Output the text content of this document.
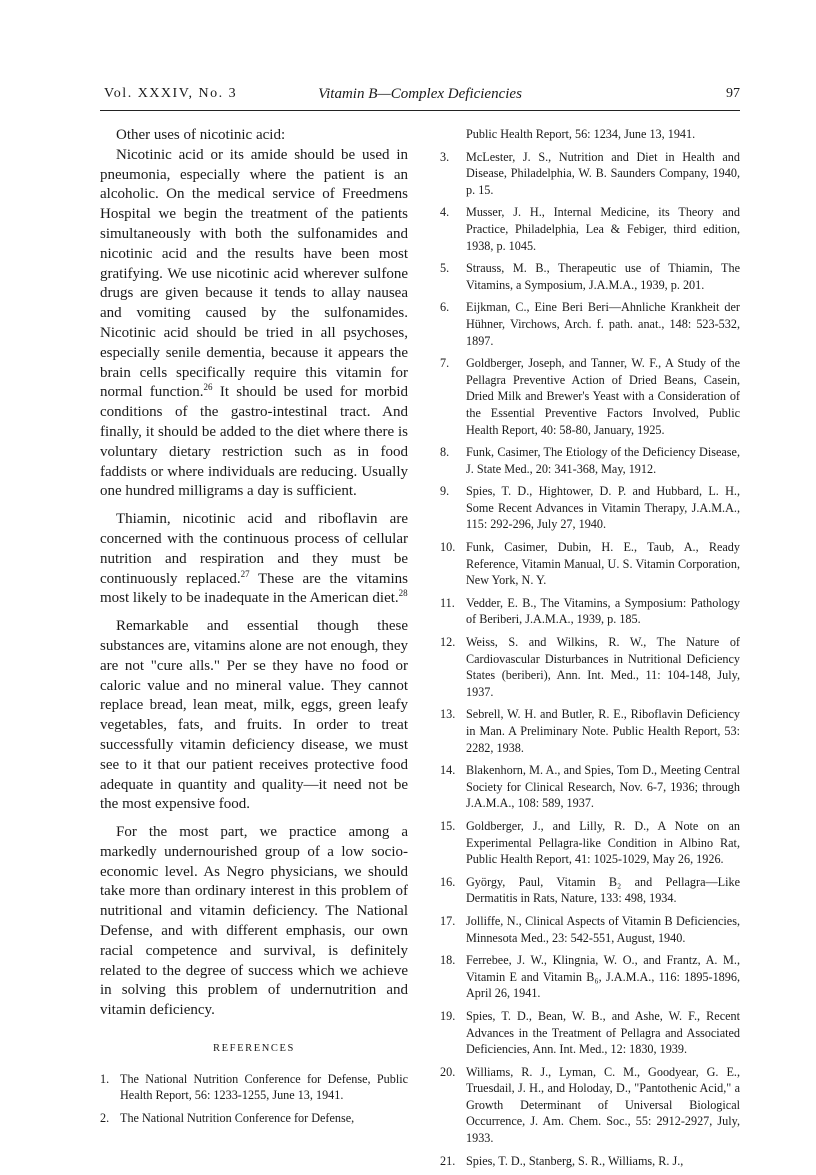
Vol. XXXIV, No. 3	Vitamin B—Complex Deficiencies	97

Other uses of nicotinic acid:

Nicotinic acid or its amide should be used in pneumonia, especially where the patient is an alcoholic. On the medical service of Freedmens Hospital we begin the treatment of the patients simultaneously with both the sulfonamides and nicotinic acid and the results have been most gratifying. We use nicotinic acid wherever sulfone drugs are given because it tends to allay nausea and vomiting caused by the sulfonamides. Nicotinic acid should be tried in all psychoses, especially senile dementia, because it appears the brain cells specifically require this vitamin for normal function.$^{26}$ It should be used for morbid conditions of the gastro-intestinal tract. And finally, it should be added to the diet where there is voluntary dietary restriction such as in food faddists or where individuals are reducing. Usually one hundred milligrams a day is sufficient.

Thiamin, nicotinic acid and riboflavin are concerned with the continuous process of cellular nutrition and respiration and they must be continuously replaced.$^{27}$ These are the vitamins most likely to be inadequate in the American diet.$^{28}$

Remarkable and essential though these substances are, vitamins alone are not enough, they are not "cure alls." Per se they have no food or caloric value and no mineral value. They cannot replace bread, lean meat, milk, eggs, green leafy vegetables, fats, and fruits. In order to treat successfully vitamin deficiency disease, we must see to it that our patient receives protective food adequate in quantity and quality—it need not be the most expensive food.

For the most part, we practice among a markedly undernourished group of a low socio-economic level. As Negro physicians, we should take more than ordinary interest in this problem of nutritional and vitamin deficiency. The National Defense, and with different emphasis, our own racial competence and survival, is definitely related to the degree of success which we achieve in solving this problem of undernutrition and vitamin deficiency.

REFERENCES
1. The National Nutrition Conference for Defense, Public Health Report, 56: 1233-1255, June 13, 1941.
2. The National Nutrition Conference for Defense,
Public Health Report, 56: 1234, June 13, 1941.
3. McLester, J. S., Nutrition and Diet in Health and Disease, Philadelphia, W. B. Saunders Company, 1940, p. 15.
4. Musser, J. H., Internal Medicine, its Theory and Practice, Philadelphia, Lea & Febiger, third edition, 1938, p. 1045.
5. Strauss, M. B., Therapeutic use of Thiamin, The Vitamins, a Symposium, J.A.M.A., 1939, p. 201.
6. Eijkman, C., Eine Beri Beri—Ahnliche Krankheit der Hühner, Virchows, Arch. f. path. anat., 148: 523-532, 1897.
7. Goldberger, Joseph, and Tanner, W. F., A Study of the Pellagra Preventive Action of Dried Beans, Casein, Dried Milk and Brewer's Yeast with a Consideration of the Essential Preventive Factors Involved, Public Health Report, 40: 58-80, January, 1925.
8. Funk, Casimer, The Etiology of the Deficiency Disease, J. State Med., 20: 341-368, May, 1912.
9. Spies, T. D., Hightower, D. P. and Hubbard, L. H., Some Recent Advances in Vitamin Therapy, J.A.M.A., 115: 292-296, July 27, 1940.
10. Funk, Casimer, Dubin, H. E., Taub, A., Ready Reference, Vitamin Manual, U. S. Vitamin Corporation, New York, N. Y.
11. Vedder, E. B., The Vitamins, a Symposium: Pathology of Beriberi, J.A.M.A., 1939, p. 185.
12. Weiss, S. and Wilkins, R. W., The Nature of Cardiovascular Disturbances in Nutritional Deficiency States (beriberi), Ann. Int. Med., 11: 104-148, July, 1937.
13. Sebrell, W. H. and Butler, R. E., Riboflavin Deficiency in Man. A Preliminary Note. Public Health Report, 53: 2282, 1938.
14. Blakenhorn, M. A., and Spies, Tom D., Meeting Central Society for Clinical Research, Nov. 6-7, 1936; through J.A.M.A., 108: 589, 1937.
15. Goldberger, J., and Lilly, R. D., A Note on an Experimental Pellagra-like Condition in Albino Rat, Public Health Report, 41: 1025-1029, May 26, 1926.
16. György, Paul, Vitamin B₂ and Pellagra—Like Dermatitis in Rats, Nature, 133: 498, 1934.
17. Jolliffe, N., Clinical Aspects of Vitamin B Deficiencies, Minnesota Med., 23: 542-551, August, 1940.
18. Ferrebee, J. W., Klingnia, W. O., and Frantz, A. M., Vitamin E and Vitamin B₆, J.A.M.A., 116: 1895-1896, April 26, 1941.
19. Spies, T. D., Bean, W. B., and Ashe, W. F., Recent Advances in the Treatment of Pellagra and Associated Deficiencies, Ann. Int. Med., 12: 1830, 1939.
20. Williams, R. J., Lyman, C. M., Goodyear, G. E., Truesdail, J. H., and Holoday, D., "Pantothenic Acid," a Growth Determinant of Universal Biological Occurrence, J. Am. Chem. Soc., 55: 2912-2927, July, 1933.
21. Spies, T. D., Stanberg, S. R., Williams, R. J.,
